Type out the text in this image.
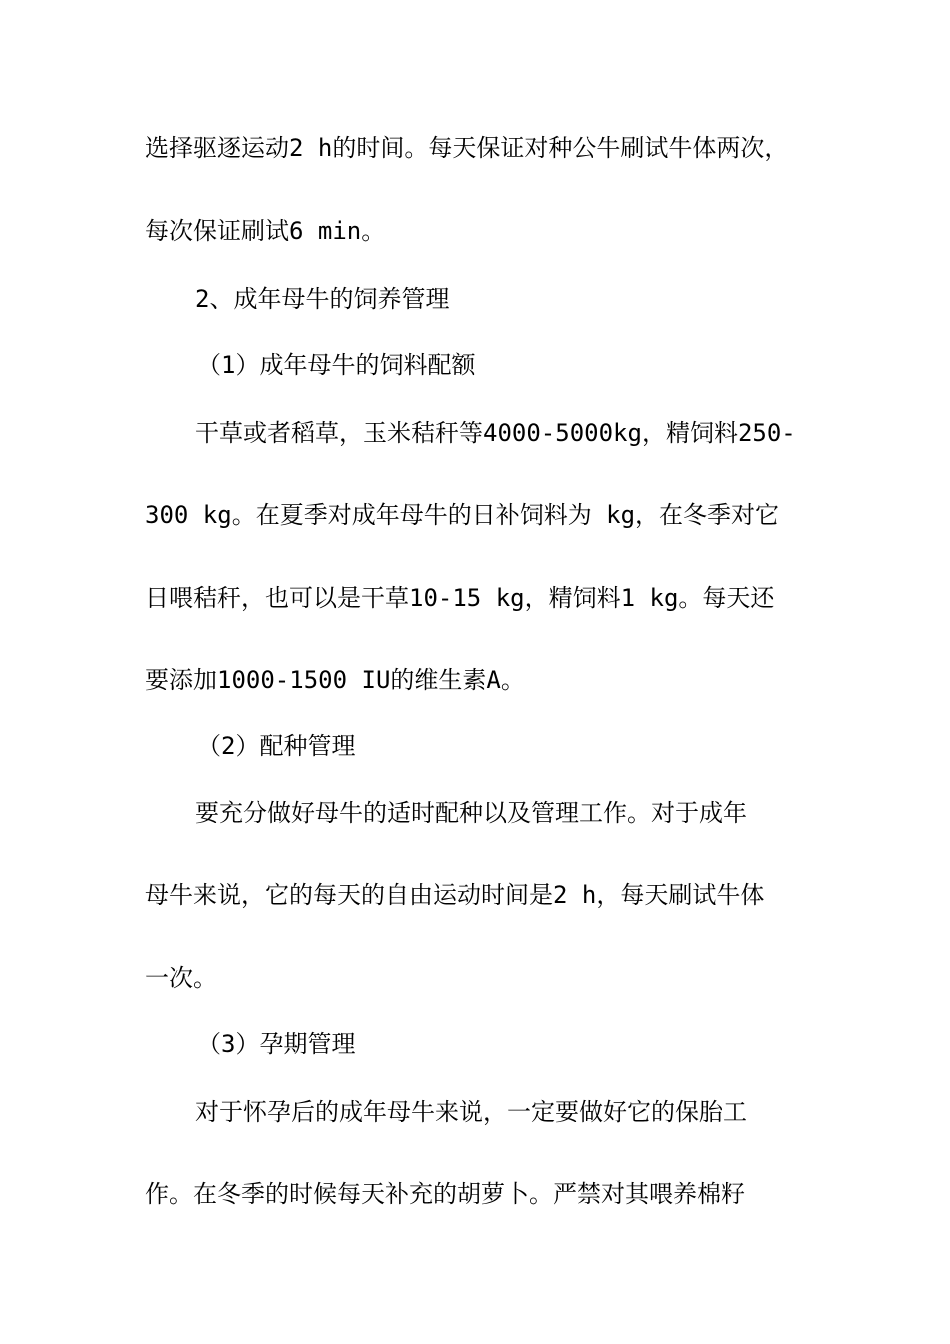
选择驱逐运动2 h的时间。每天保证对种公牛刷试牛体两次，
每次保证刷试6 min。
2、成年母牛的饲养管理
（1）成年母牛的饲料配额
干草或者稻草，玉米秸秆等4000-5000kg，精饲料250-
300 kg。在夏季对成年母牛的日补饲料为 kg，在冬季对它
日喂秸秆，也可以是干草10-15 kg，精饲料1 kg。每天还
要添加1000-1500 IU的维生素A。
（2）配种管理
要充分做好母牛的适时配种以及管理工作。对于成年
母牛来说，它的每天的自由运动时间是2 h，每天刷试牛体
一次。
（3）孕期管理
对于怀孕后的成年母牛来说，一定要做好它的保胎工
作。在冬季的时候每天补充的胡萝卜。严禁对其喂养棉籽
